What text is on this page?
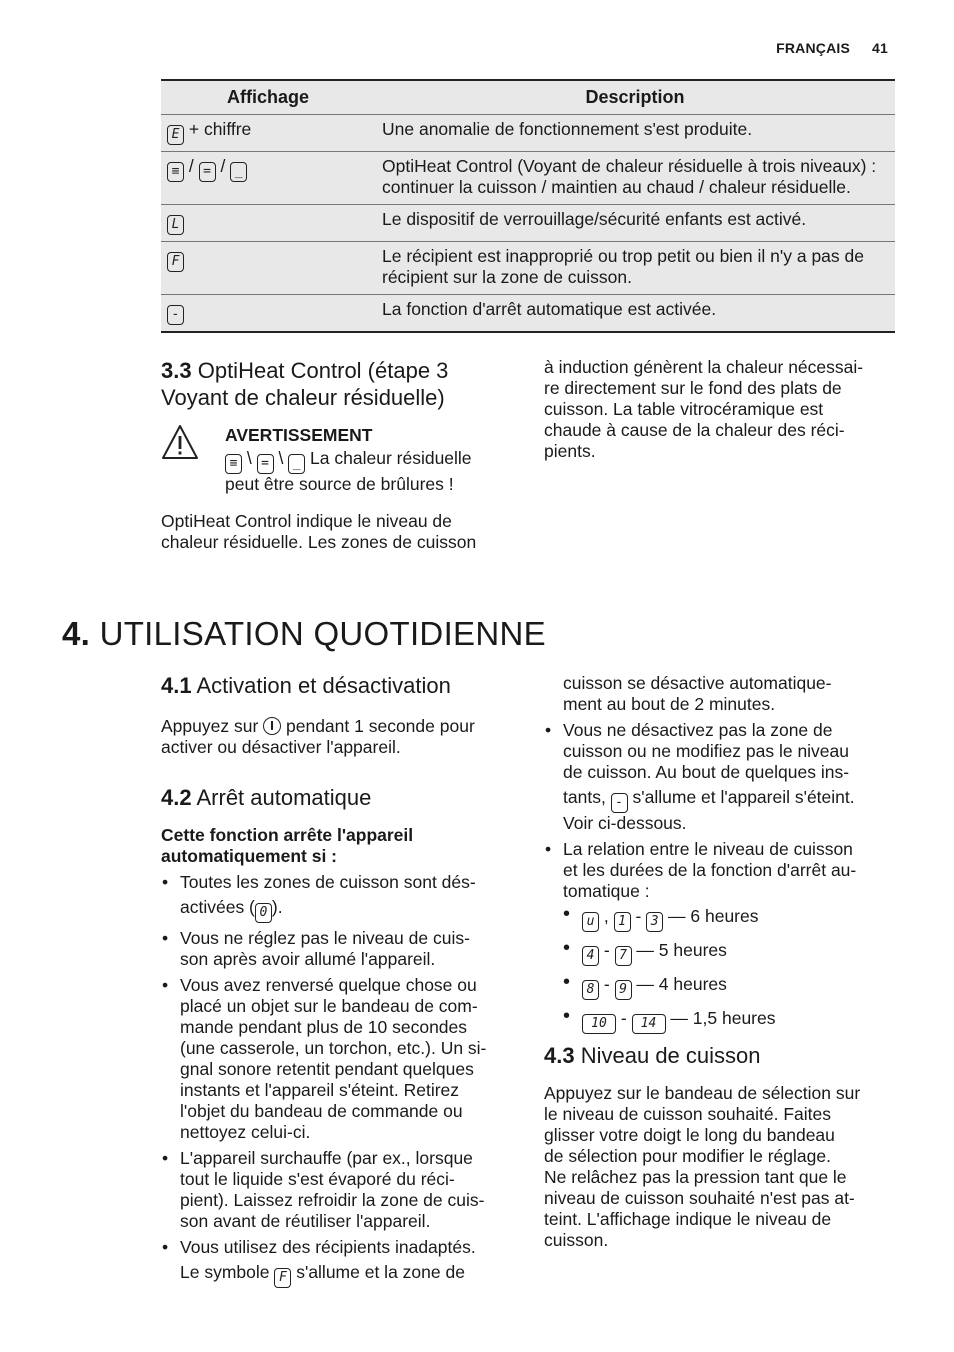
FRANÇAIS 41
Affichage	Description
E + chiffre	Une anomalie de fonctionnement s'est produite.
≡ / = / _	OptiHeat Control (Voyant de chaleur résiduelle à trois niveaux) : continuer la cuisson / maintien au chaud / chaleur résiduelle.
L	Le dispositif de verrouillage/sécurité enfants est activé.
F	Le récipient est inapproprié ou trop petit ou bien il n'y a pas de récipient sur la zone de cuisson.
-	La fonction d'arrêt automatique est activée.
3.3 OptiHeat Control (étape 3
Voyant de chaleur résiduelle)
AVERTISSEMENT
≡ \ = \ _ La chaleur résiduelle
peut être source de brûlures !
OptiHeat Control indique le niveau de
chaleur résiduelle. Les zones de cuisson
à induction génèrent la chaleur nécessai-
re directement sur le fond des plats de
cuisson. La table vitrocéramique est
chaude à cause de la chaleur des réci-
pients.
4. UTILISATION QUOTIDIENNE
4.1 Activation et désactivation
Appuyez sur  pendant 1 seconde pour
activer ou désactiver l'appareil.
4.2 Arrêt automatique
Cette fonction arrête l'appareil
automatiquement si :
• Toutes les zones de cuisson sont dés-
activées ( 0 ).
• Vous ne réglez pas le niveau de cuis-
son après avoir allumé l'appareil.
• Vous avez renversé quelque chose ou
placé un objet sur le bandeau de com-
mande pendant plus de 10 secondes
(une casserole, un torchon, etc.). Un si-
gnal sonore retentit pendant quelques
instants et l'appareil s'éteint. Retirez
l'objet du bandeau de commande ou
nettoyez celui-ci.
• L'appareil surchauffe (par ex., lorsque
tout le liquide s'est évaporé du réci-
pient). Laissez refroidir la zone de cuis-
son avant de réutiliser l'appareil.
• Vous utilisez des récipients inadaptés.
Le symbole F s'allume et la zone de
cuisson se désactive automatique-
ment au bout de 2 minutes.
• Vous ne désactivez pas la zone de
cuisson ou ne modifiez pas le niveau
de cuisson. Au bout de quelques ins-
tants, - s'allume et l'appareil s'éteint.
Voir ci-dessous.
• La relation entre le niveau de cuisson
et les durées de la fonction d'arrêt au-
tomatique :
• u , 1 - 3 — 6 heures
• 4 - 7 — 5 heures
• 8 - 9 — 4 heures
• 10 - 14 — 1,5 heures
4.3 Niveau de cuisson
Appuyez sur le bandeau de sélection sur
le niveau de cuisson souhaité. Faites
glisser votre doigt le long du bandeau
de sélection pour modifier le réglage.
Ne relâchez pas la pression tant que le
niveau de cuisson souhaité n'est pas at-
teint. L'affichage indique le niveau de
cuisson.
